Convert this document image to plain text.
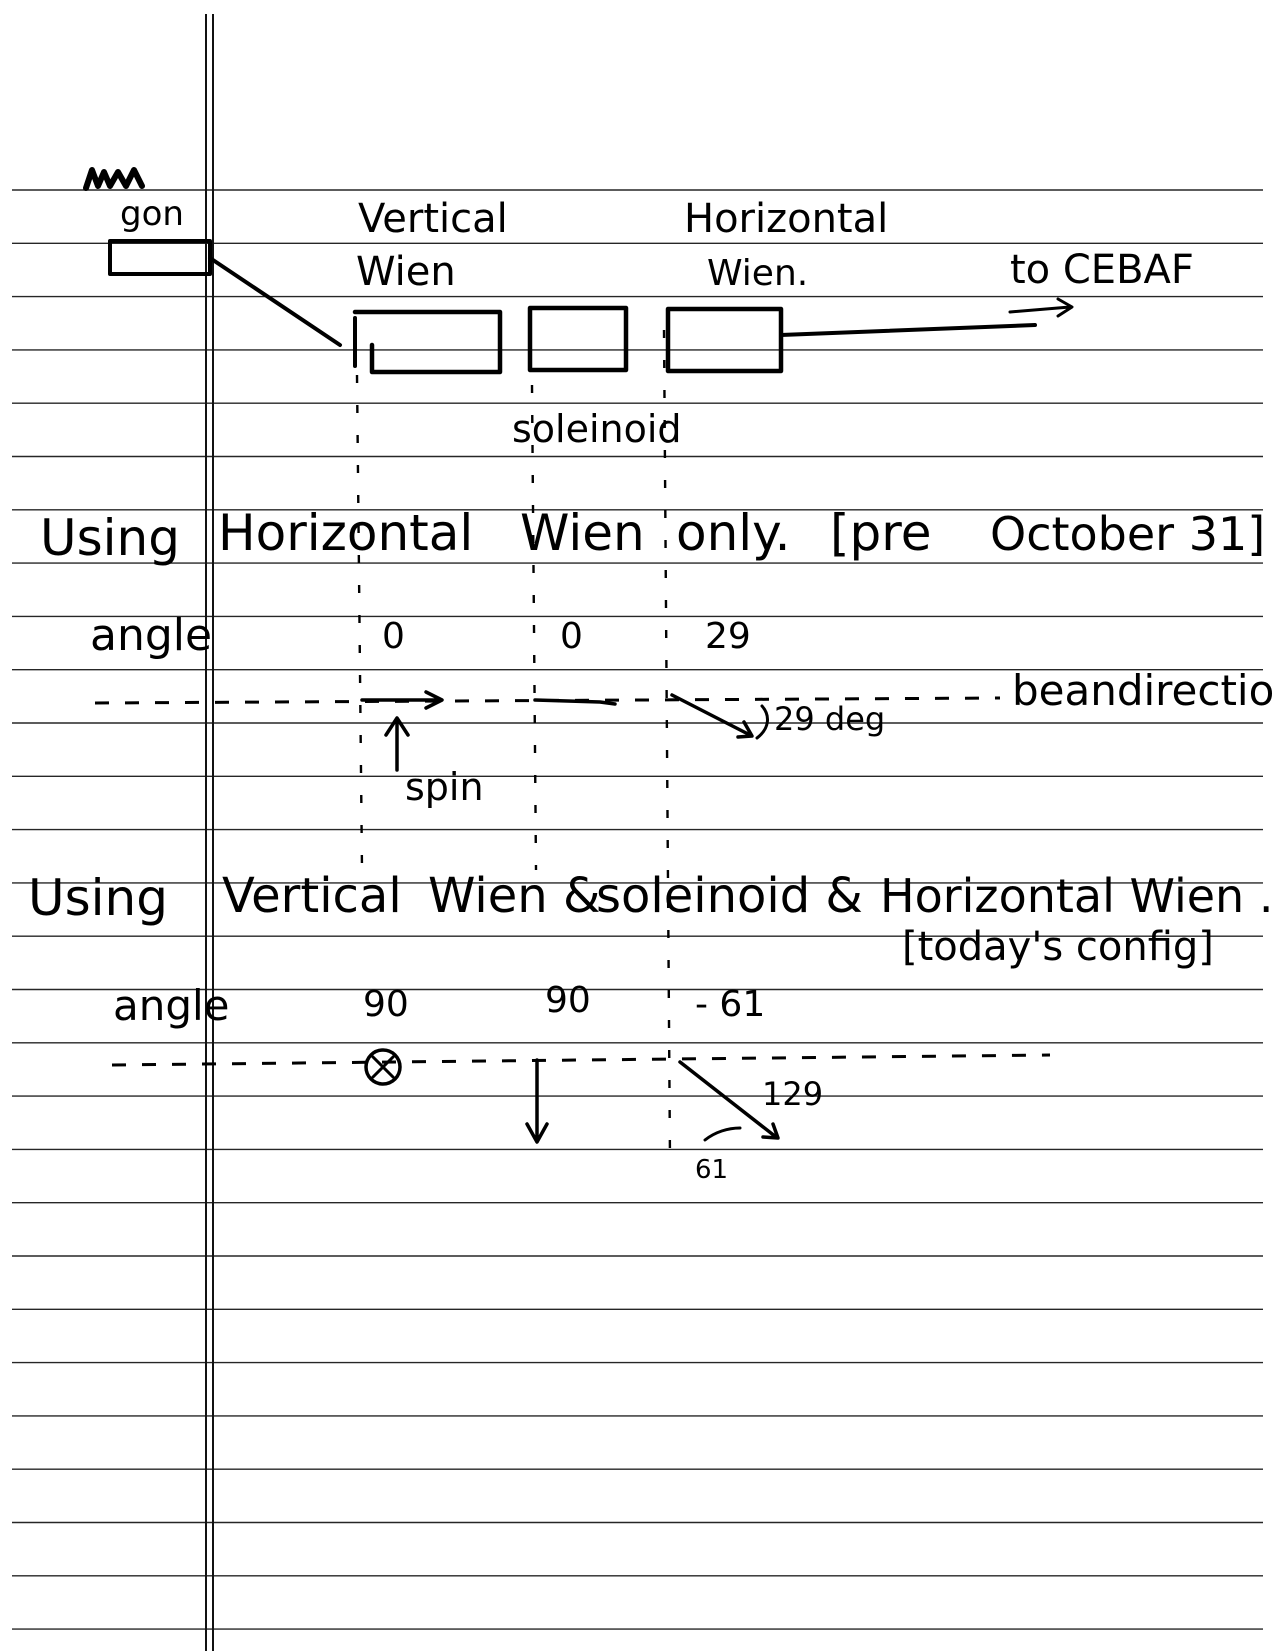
gon	Vertical
Wien
Horizontal
Wien.	to CEBAF
soleinoid
Using Horizontal Wien only. [pre October 31]
angle	0	0	29
beandirectio
29 deg
spin
Using Vertical Wien &
soleinoid & Horizontal Wien .
[today's config]
angle	90	90	- 61
129
61
